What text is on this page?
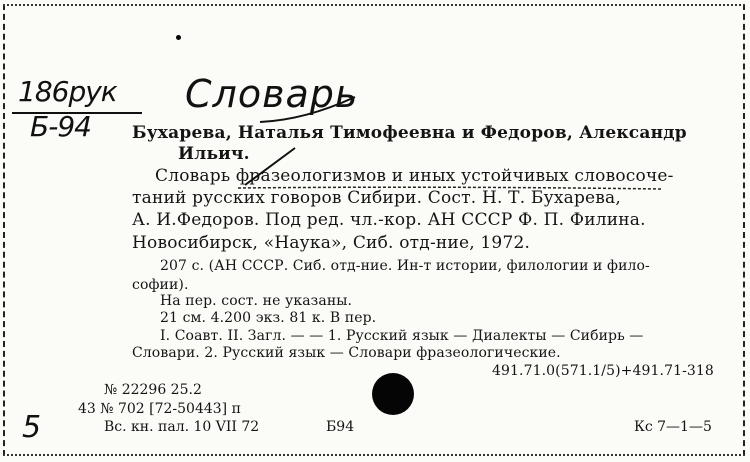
186рук
Б-94
Словарь
5
Бухарева, Наталья Тимофеевна и Федоров, Александр
Ильич.
Словарь фразеологизмов и иных устойчивых словосоче-
таний русских говоров Сибири. Сост. Н. Т. Бухарева,
А. И.Федоров. Под ред. чл.-кор. АН СССР Ф. П. Филина.
Новосибирск, «Наука», Сиб. отд-ние, 1972.
207 с. (АН СССР. Сиб. отд-ние. Ин-т истории, филологии и фило-
софии).
На пер. сост. не указаны.
21 см. 4.200 экз. 81 к. В пер.
I. Соавт. II. Загл. — — 1. Русский язык — Диалекты — Сибирь —
Словари. 2. Русский язык — Словари фразеологические.
491.71.0(571.1/5)+491.71-318
№ 22296 25.2
43 № 702 [72-50443] п
Вс. кн. пал. 10 VII 72	Б94	Кс 7—1—5
